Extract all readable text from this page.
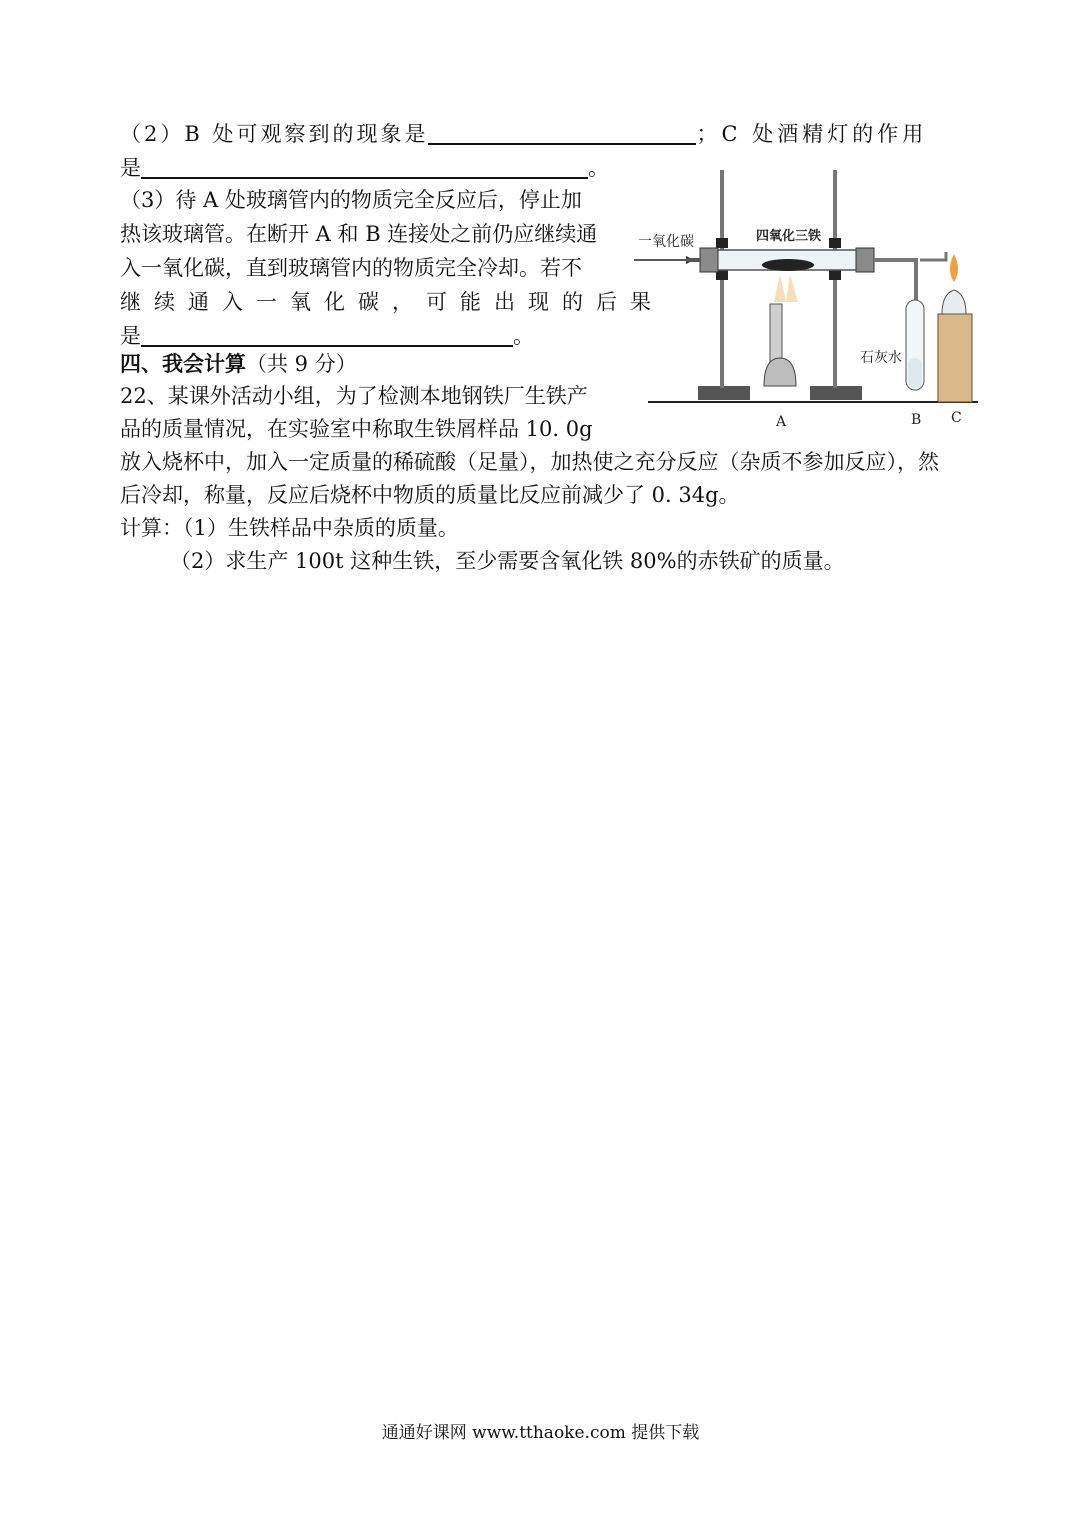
（2）B 处可观察到的现象是	；C 处酒精灯的作用
是	。
（3）待 A 处玻璃管内的物质完全反应后，停止加
热该玻璃管。在断开 A 和 B 连接处之前仍应继续通
入一氧化碳，直到玻璃管内的物质完全冷却。若不
继续通入一氧化碳，可能出现的后果
是	。
四、我会计算（共 9 分）
22、某课外活动小组，为了检测本地钢铁厂生铁产
品的质量情况，在实验室中称取生铁屑样品 10. 0g
放入烧杯中，加入一定质量的稀硫酸（足量），加热使之充分反应（杂质不参加反应），然
后冷却，称量，反应后烧杯中物质的质量比反应前减少了 0. 34g。
计算：（1）生铁样品中杂质的质量。
（2）求生产 100t 这种生铁，至少需要含氧化铁 80%的赤铁矿的质量。
一氧化碳	四氧化三铁
石灰水
A	B C
通通好课网 www.tthaoke.com 提供下载
